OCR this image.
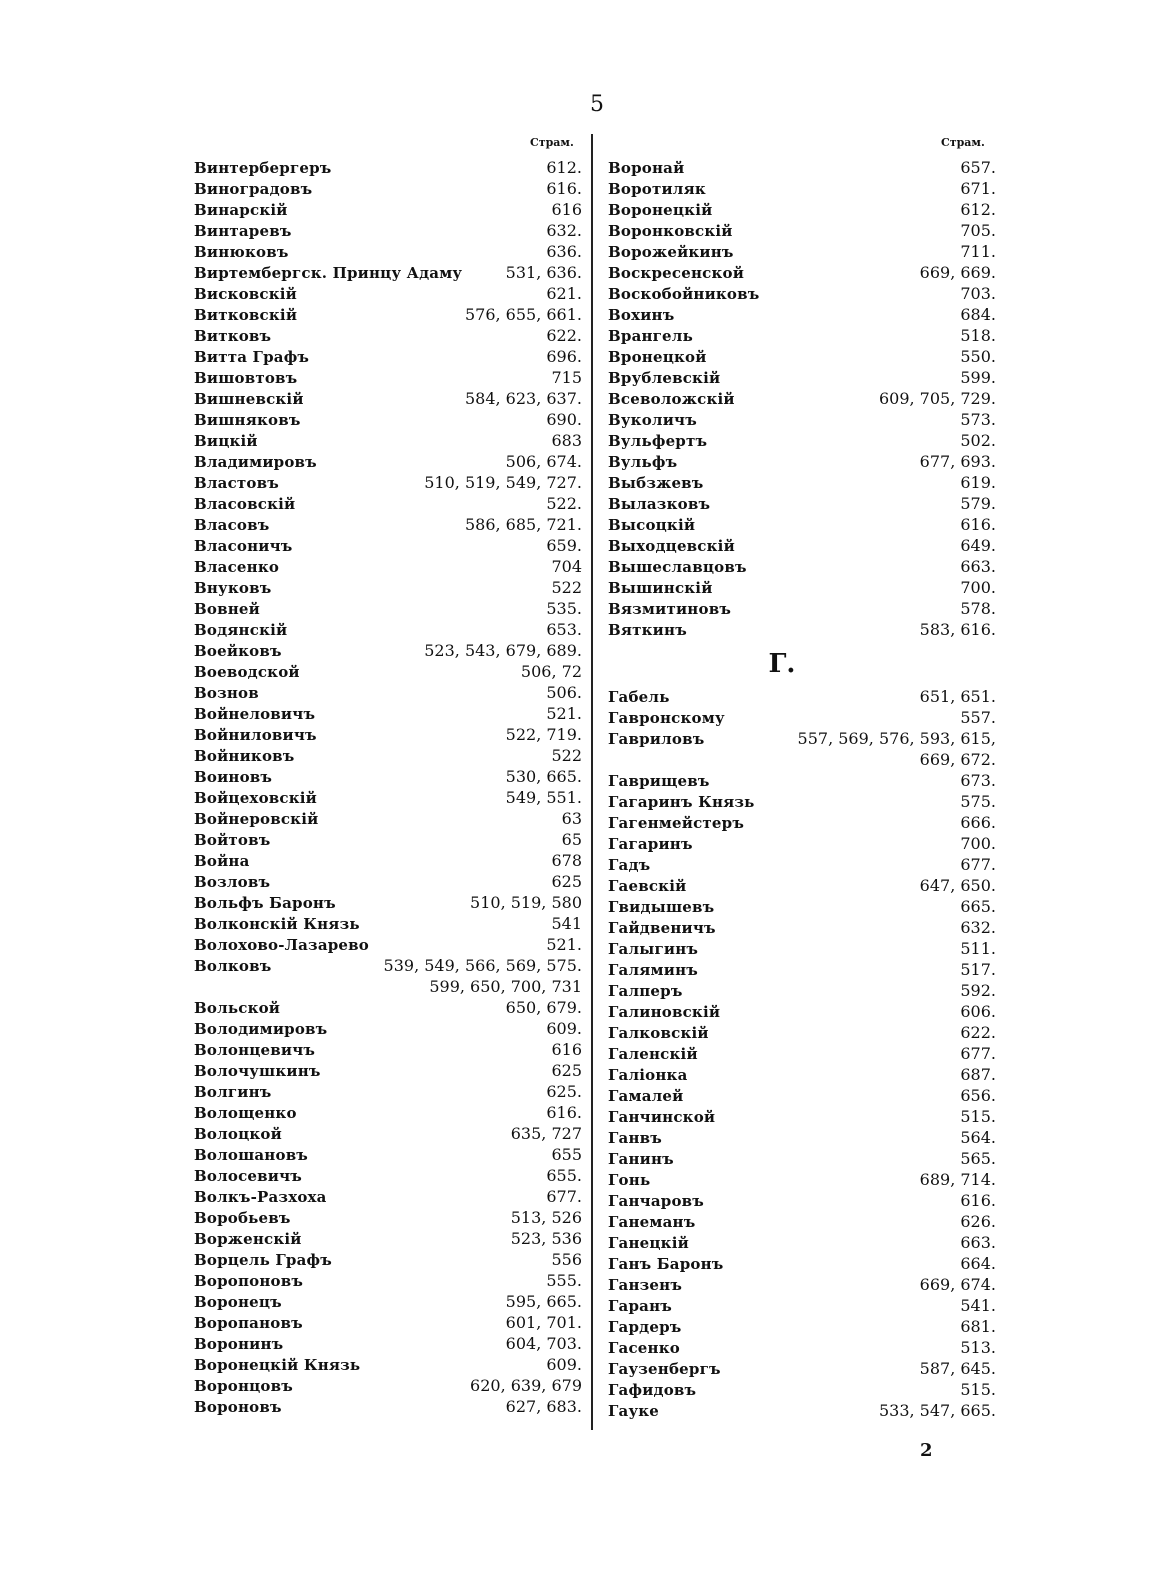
5
Страм.	Страм.
Винтербергеръ	612.
Виноградовъ	616.
Винарскій	616
Винтаревъ	632.
Винюковъ	636.
Виртембергск. Принцу Адаму	531, 636.
Висковскій	621.
Витковскій	576, 655, 661.
Витковъ	622.
Витта Графъ	696.
Вишовтовъ	715
Вишневскій	584, 623, 637.
Вишняковъ	690.
Вицкій	683
Владимировъ	506, 674.
Властовъ	510, 519, 549, 727.
Власовскій	522.
Власовъ	586, 685, 721.
Власоничъ	659.
Власенко	704
Внуковъ	522
Вовней	535.
Водянскій	653.
Воейковъ	523, 543, 679, 689.
Воеводской	506, 72
Вознов	506.
Войнеловичъ	521.
Войниловичъ	522, 719.
Войниковъ	522
Воиновъ	530, 665.
Войцеховскій	549, 551.
Войнеровскій	63
Войтовъ	65
Война	678
Возловъ	625
Вольфъ Баронъ	510, 519, 580
Волконскій Князь	541
Волохово-Лазарево	521.
Волковъ	539, 549, 566, 569, 575.
599, 650, 700, 731
Вольской	650, 679.
Володимировъ	609.
Волонцевичъ	616
Волочушкинъ	625
Волгинъ	625.
Волощенко	616.
Волоцкой	635, 727
Волошановъ	655
Волосевичъ	655.
Волкъ-Разхоха	677.
Воробьевъ	513, 526
Ворженскій	523, 536
Ворцель Графъ	556
Воропоновъ	555.
Воронецъ	595, 665.
Воропановъ	601, 701.
Воронинъ	604, 703.
Воронецкій Князь	609.
Воронцовъ	620, 639, 679
Вороновъ	627, 683.
Воронай	657.
Воротиляк	671.
Воронецкій	612.
Воронковскій	705.
Ворожейкинъ	711.
Воскресенской	669, 669.
Воскобойниковъ	703.
Вохинъ	684.
Врангель	518.
Вронецкой	550.
Врублевскій	599.
Всеволожскій	609, 705, 729.
Вуколичъ	573.
Вульфертъ	502.
Вульфъ	677, 693.
Выбзжевъ	619.
Вылазковъ	579.
Высоцкій	616.
Выходцевскій	649.
Вышеславцовъ	663.
Вышинскій	700.
Вязмитиновъ	578.
Вяткинъ	583, 616.
Г.
Габель	651, 651.
Гавронскому	557.
Гавриловъ	557, 569, 576, 593, 615,
669, 672.
Гаврищевъ	673.
Гагаринъ Князь	575.
Гагенмейстеръ	666.
Гагаринъ	700.
Гадъ	677.
Гаевскій	647, 650.
Гвидышевъ	665.
Гайдвеничъ	632.
Галыгинъ	511.
Галяминъ	517.
Галперъ	592.
Галиновскій	606.
Галковскій	622.
Галенскій	677.
Галіонка	687.
Гамалей	656.
Ганчинской	515.
Ганвъ	564.
Ганинъ	565.
Гонь	689, 714.
Ганчаровъ	616.
Ганеманъ	626.
Ганецкій	663.
Ганъ Баронъ	664.
Ганзенъ	669, 674.
Гаранъ	541.
Гардеръ	681.
Гасенко	513.
Гаузенбергъ	587, 645.
Гафидовъ	515.
Гауке	533, 547, 665.
2
